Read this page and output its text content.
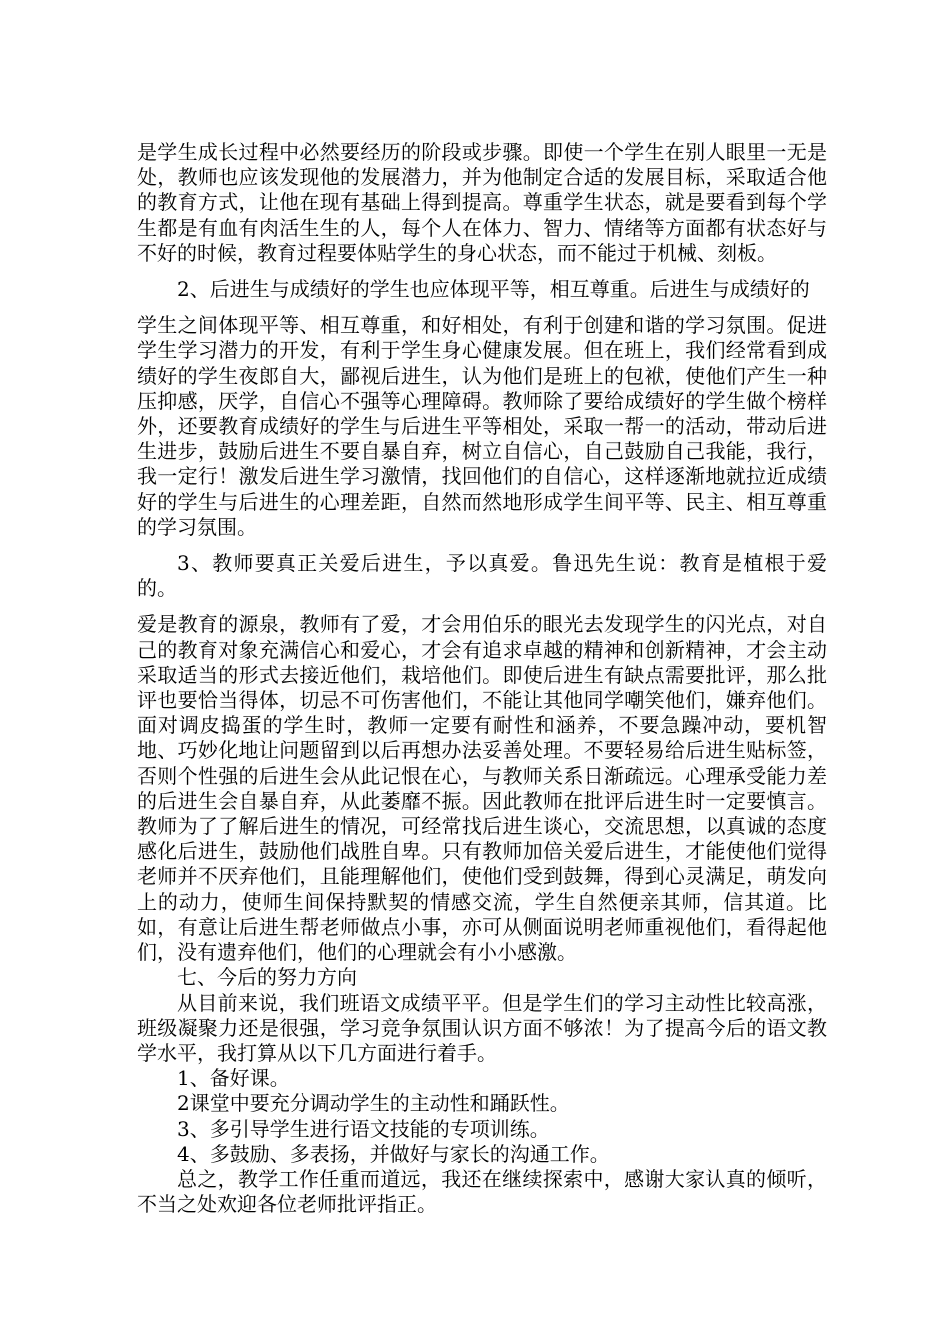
是学生成长过程中必然要经历的阶段或步骤。即使一个学生在别人眼里一无是处，教师也应该发现他的发展潜力，并为他制定合适的发展目标，采取适合他的教育方式，让他在现有基础上得到提高。尊重学生状态，就是要看到每个学生都是有血有肉活生生的人，每个人在体力、智力、情绪等方面都有状态好与不好的时候，教育过程要体贴学生的身心状态，而不能过于机械、刻板。

2、后进生与成绩好的学生也应体现平等，相互尊重。后进生与成绩好的

学生之间体现平等、相互尊重，和好相处，有利于创建和谐的学习氛围。促进学生学习潜力的开发，有利于学生身心健康发展。但在班上，我们经常看到成绩好的学生夜郎自大，鄙视后进生，认为他们是班上的包袱，使他们产生一种压抑感，厌学，自信心不强等心理障碍。教师除了要给成绩好的学生做个榜样外，还要教育成绩好的学生与后进生平等相处，采取一帮一的活动，带动后进生进步，鼓励后进生不要自暴自弃，树立自信心，自己鼓励自己我能，我行，我一定行！激发后进生学习激情，找回他们的自信心，这样逐渐地就拉近成绩好的学生与后进生的心理差距，自然而然地形成学生间平等、民主、相互尊重的学习氛围。

3、教师要真正关爱后进生，予以真爱。鲁迅先生说：教育是植根于爱的。

爱是教育的源泉，教师有了爱，才会用伯乐的眼光去发现学生的闪光点，对自己的教育对象充满信心和爱心，才会有追求卓越的精神和创新精神，才会主动采取适当的形式去接近他们，栽培他们。即使后进生有缺点需要批评，那么批评也要恰当得体，切忌不可伤害他们，不能让其他同学嘲笑他们，嫌弃他们。面对调皮捣蛋的学生时，教师一定要有耐性和涵养，不要急躁冲动，要机智地、巧妙化地让问题留到以后再想办法妥善处理。不要轻易给后进生贴标签，否则个性强的后进生会从此记恨在心，与教师关系日渐疏远。心理承受能力差的后进生会自暴自弃，从此萎靡不振。因此教师在批评后进生时一定要慎言。教师为了了解后进生的情况，可经常找后进生谈心，交流思想，以真诚的态度感化后进生，鼓励他们战胜自卑。只有教师加倍关爱后进生，才能使他们觉得老师并不厌弃他们，且能理解他们，使他们受到鼓舞，得到心灵满足，萌发向上的动力，使师生间保持默契的情感交流，学生自然便亲其师，信其道。比如，有意让后进生帮老师做点小事，亦可从侧面说明老师重视他们，看得起他们，没有遗弃他们，他们的心理就会有小小感激。

七、今后的努力方向

从目前来说，我们班语文成绩平平。但是学生们的学习主动性比较高涨，班级凝聚力还是很强，学习竞争氛围认识方面不够浓！为了提高今后的语文教学水平，我打算从以下几方面进行着手。

1、备好课。

2课堂中要充分调动学生的主动性和踊跃性。

3、多引导学生进行语文技能的专项训练。

4、多鼓励、多表扬，并做好与家长的沟通工作。

总之，教学工作任重而道远，我还在继续探索中，感谢大家认真的倾听，不当之处欢迎各位老师批评指正。
